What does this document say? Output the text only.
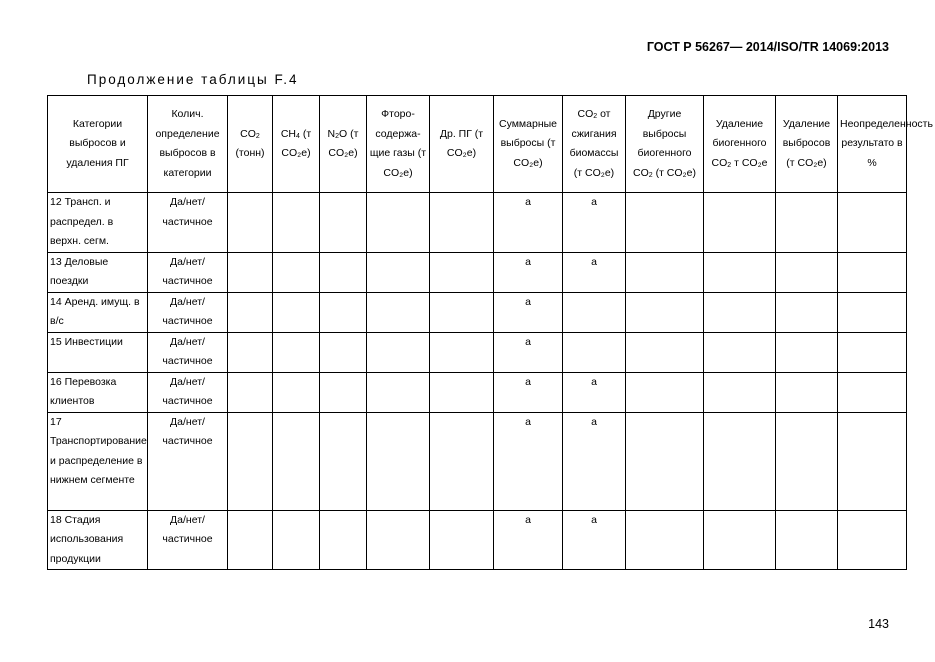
ГОСТ Р 56267— 2014/ISO/TR 14069:2013
Продолжение таблицы F.4
Категории выбросов и удаления ПГ	Колич. определение выбросов в категории	$CO_2$ (тонн)	$CH_4$ (т CO₂e)	$N_2O$ (т CO₂e)	Фторо-содержа-щие газы (т CO₂e)	Др. ПГ (т CO₂e)	Суммарные выбросы (т CO₂e)	$CO_2$ от сжигания биомассы (т CO₂e)	Другие выбросы биогенного $CO_2$ (т CO₂e)	Удаление биогенного $CO_2$ т CO₂e	Удаление выбросов (т CO₂e)	Неопределенность результато в %
12 Трансп. и распредел. в верхн. сегм.	Да/нет/ частичное						а	а				
13 Деловые поездки	Да/нет/ частичное						а	а				
14 Аренд. имущ. в в/с	Да/нет/ частичное						а					
15 Инвестиции	Да/нет/ частичное						а					
16 Перевозка клиентов	Да/нет/ частичное						а	а				
17 Транспортирование и распределение в нижнем сегменте	Да/нет/ частичное						а	а				
18 Стадия использования продукции	Да/нет/ частичное						а	а				
143
